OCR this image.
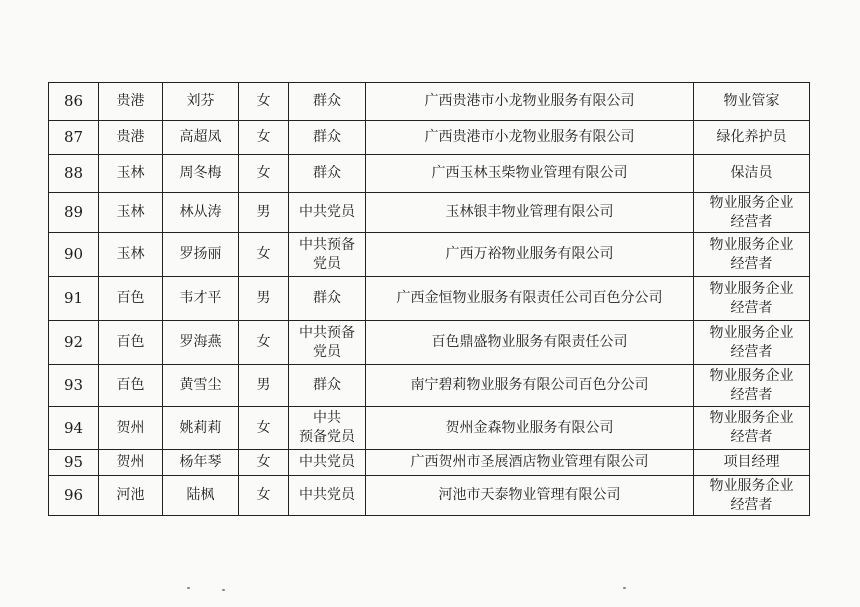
86	贵港	刘芬	女	群众	广西贵港市小龙物业服务有限公司	物业管家

87	贵港	高超凤	女	群众	广西贵港市小龙物业服务有限公司	绿化养护员

88	玉林	周冬梅	女	群众	广西玉林玉柴物业管理有限公司	保洁员

89	玉林	林从涛	男	中共党员	玉林银丰物业管理有限公司	物业服务企业
经营者

90	玉林	罗扬丽	女	中共预备
党员	广西万裕物业服务有限公司	物业服务企业
经营者

91	百色	韦才平	男	群众	广西金恒物业服务有限责任公司百色分公司	物业服务企业
经营者

92	百色	罗海燕	女	中共预备
党员	百色鼎盛物业服务有限责任公司	物业服务企业
经营者

93	百色	黄雪尘	男	群众	南宁碧莉物业服务有限公司百色分公司	物业服务企业
经营者

94	贺州	姚莉莉	女	中共
预备党员	贺州金森物业服务有限公司	物业服务企业
经营者

95	贺州	杨年琴	女	中共党员	广西贺州市圣展酒店物业管理有限公司	项目经理

96	河池	陆枫	女	中共党员	河池市天泰物业管理有限公司	物业服务企业
经营者
